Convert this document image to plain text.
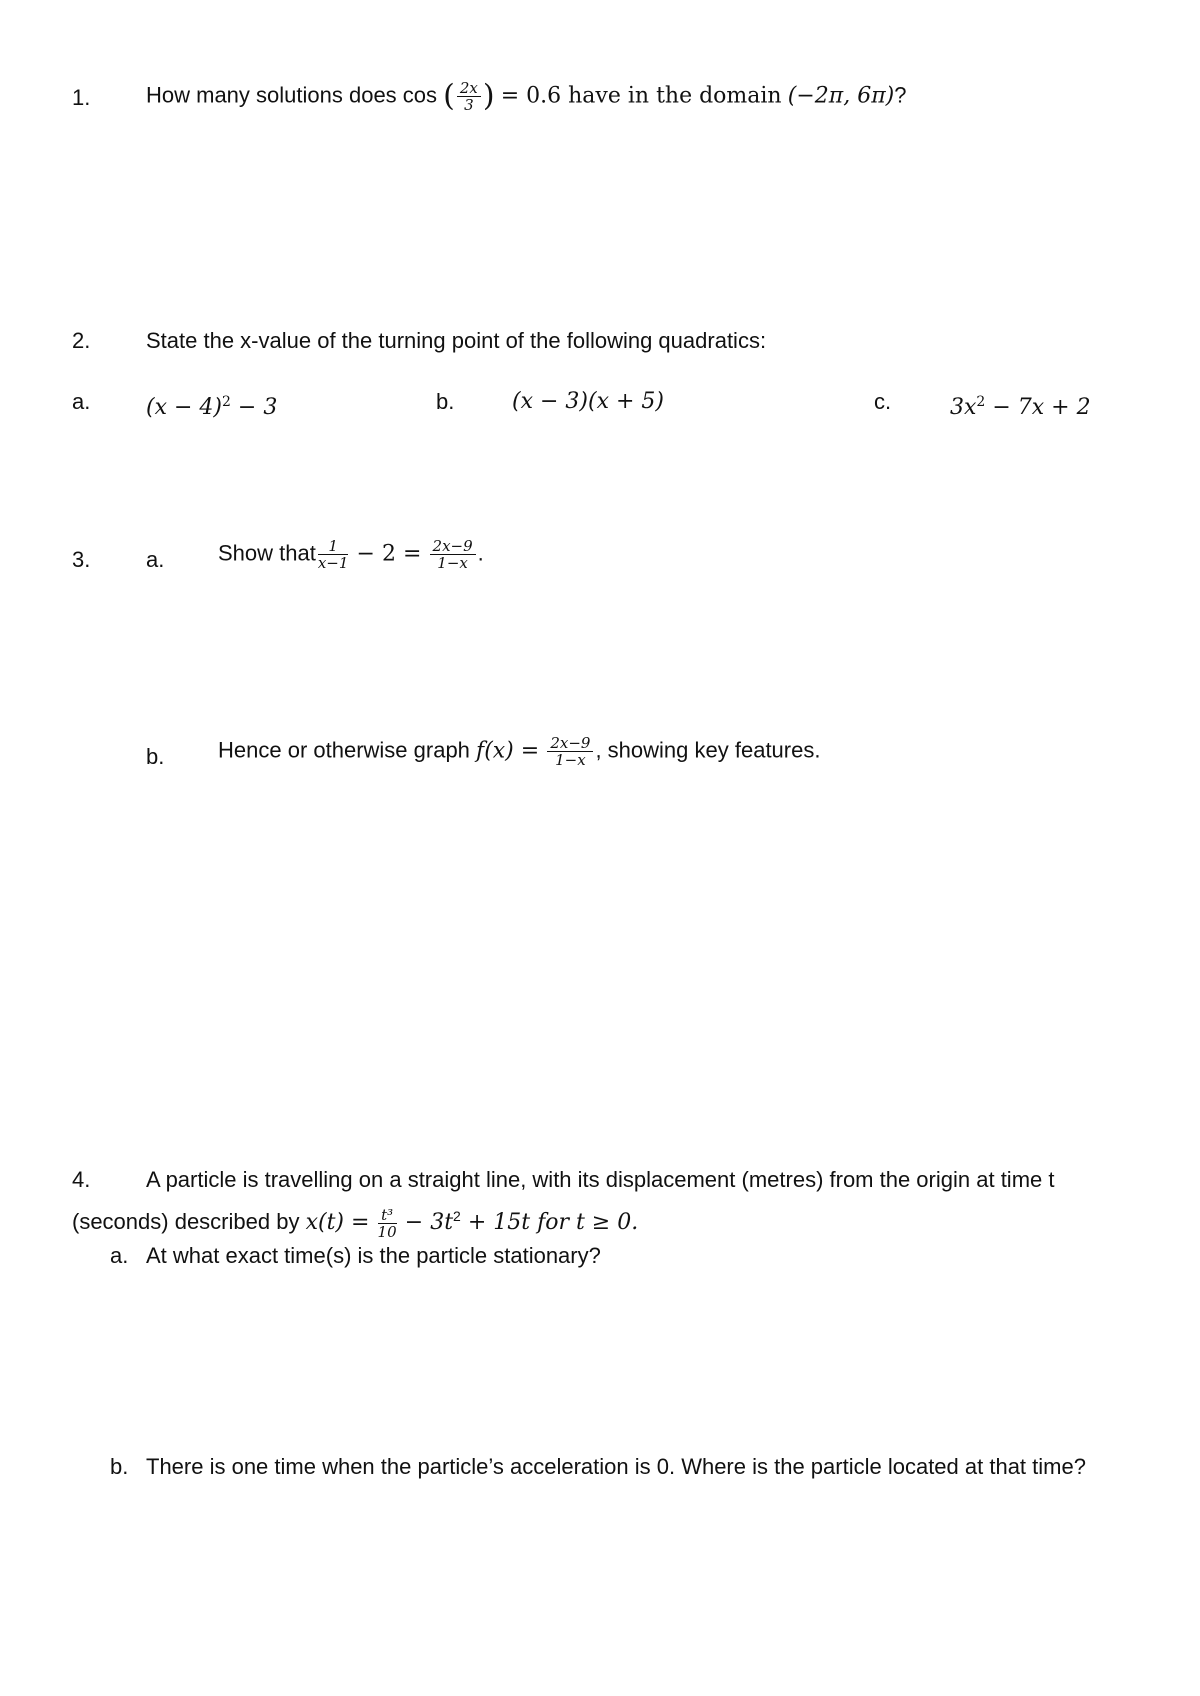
1.	How many solutions does cos ( $\frac{2x}{3}$ ) = 0.6 have in the domain (−2π, 6π)?
2.	State the x-value of the turning point of the following quadratics:
a.	$(x - 4)^2 - 3$	b.	(x − 3)(x + 5)	c.	$3x^2 - 7x + 2$
3.	a. Show that $\frac{1}{x-1} - 2 = \frac{2x-9}{1-x}$ .
b. Hence or otherwise graph $f(x) = \frac{2x-9}{1-x}$ , showing key features.
4.	A particle is travelling on a straight line, with its displacement (metres) from the origin at time t
(seconds) described by $x(t) = \frac{\text{t³}}{10} - 3t^2 + 15t$ for t ≥ 0.
a. At what exact time(s) is the particle stationary?
b. There is one time when the particle’s acceleration is 0. Where is the particle located at that time?
